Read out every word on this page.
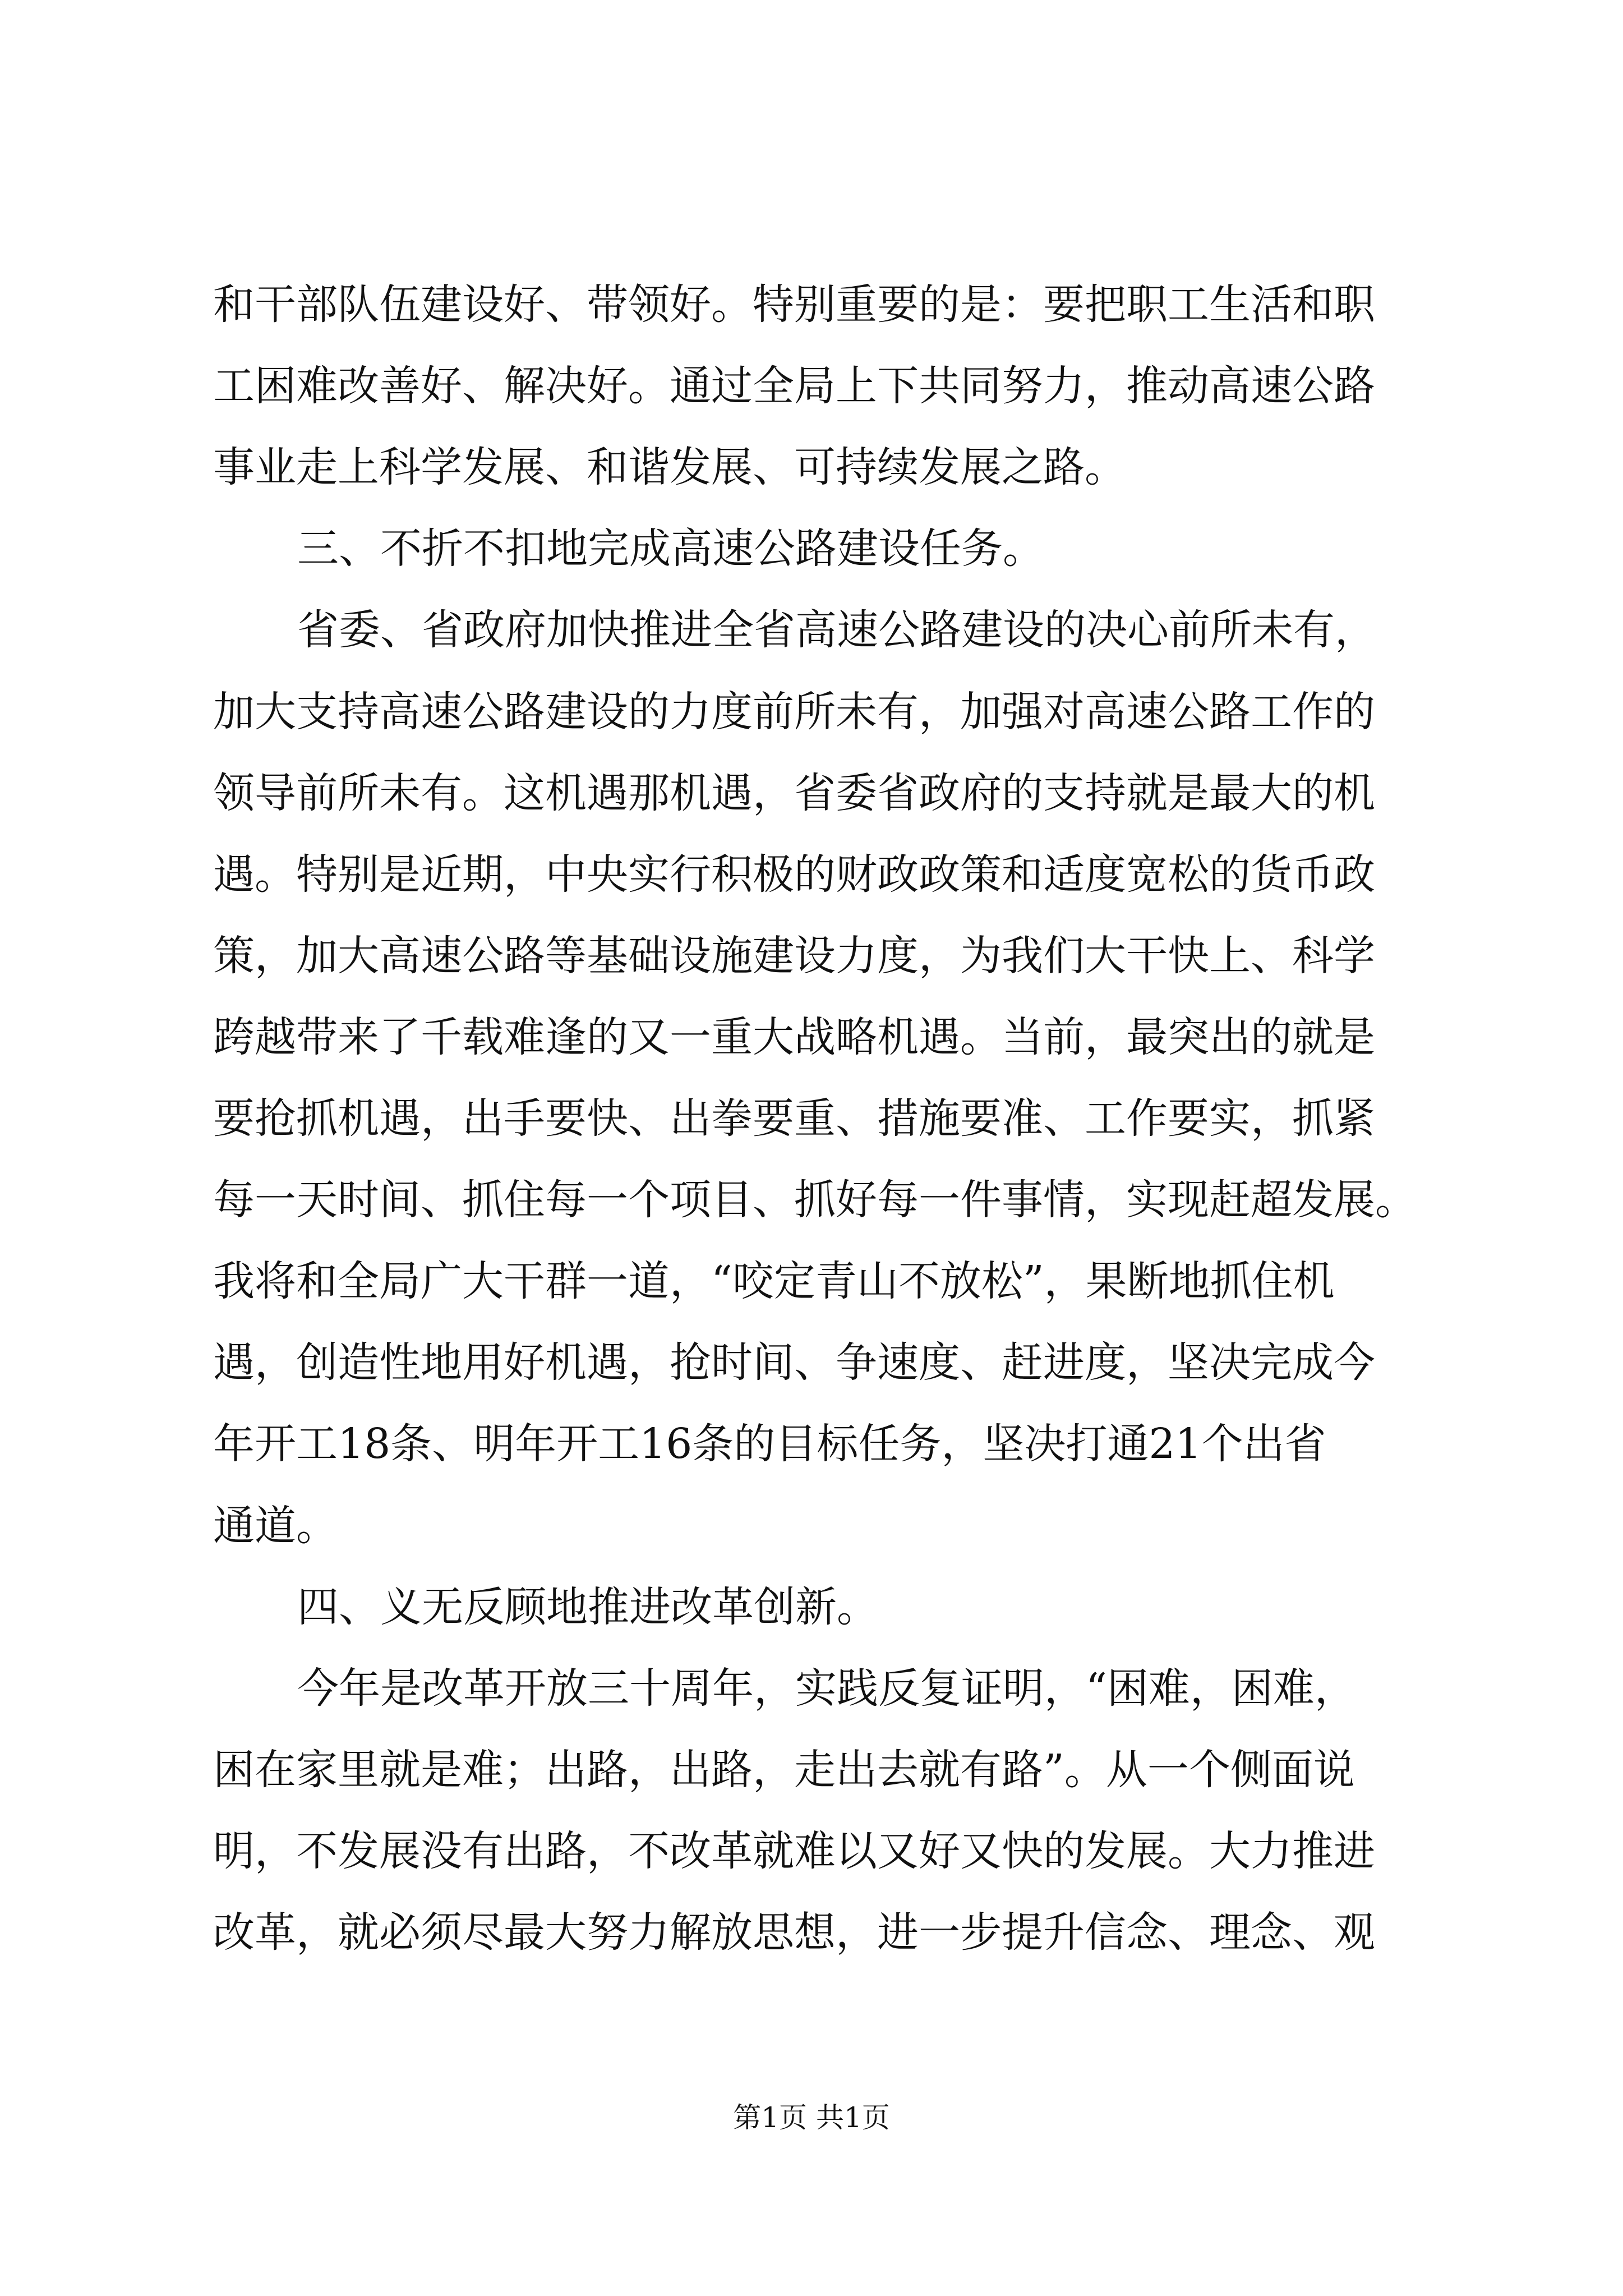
和干部队伍建设好、带领好。特别重要的是：要把职工生活和职
工困难改善好、解决好。通过全局上下共同努力，推动高速公路
事业走上科学发展、和谐发展、可持续发展之路。
三、不折不扣地完成高速公路建设任务。
省委、省政府加快推进全省高速公路建设的决心前所未有，
加大支持高速公路建设的力度前所未有，加强对高速公路工作的
领导前所未有。这机遇那机遇，省委省政府的支持就是最大的机
遇。特别是近期，中央实行积极的财政政策和适度宽松的货币政
策，加大高速公路等基础设施建设力度，为我们大干快上、科学
跨越带来了千载难逢的又一重大战略机遇。当前，最突出的就是
要抢抓机遇，出手要快、出拳要重、措施要准、工作要实，抓紧
每一天时间、抓住每一个项目、抓好每一件事情，实现赶超发展。
我将和全局广大干群一道，“咬定青山不放松”，果断地抓住机
遇，创造性地用好机遇，抢时间、争速度、赶进度，坚决完成今
年开工18条、明年开工16条的目标任务，坚决打通21个出省
通道。
四、义无反顾地推进改革创新。
今年是改革开放三十周年，实践反复证明，“困难，困难，
困在家里就是难；出路，出路，走出去就有路”。从一个侧面说
明，不发展没有出路，不改革就难以又好又快的发展。大力推进
改革，就必须尽最大努力解放思想，进一步提升信念、理念、观
第1页 共1页
